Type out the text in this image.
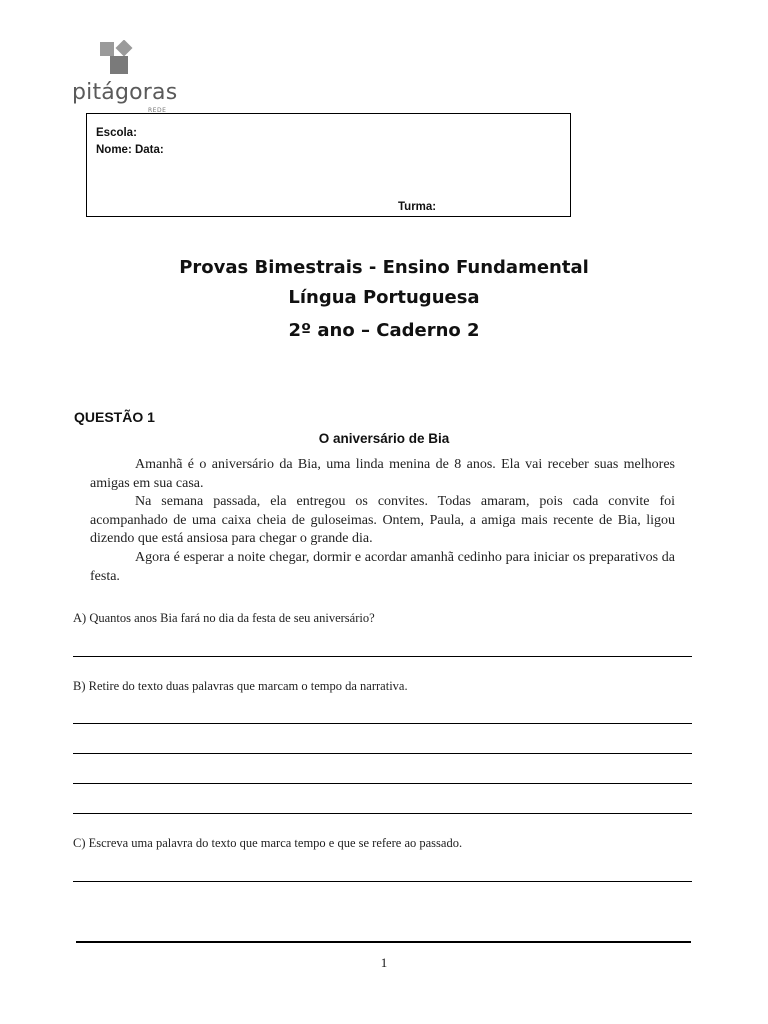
pitágoras
REDE
Escola:
Nome: Data:
Turma:
Provas Bimestrais - Ensino Fundamental
Língua Portuguesa
2º ano – Caderno 2
QUESTÃO 1
O aniversário de Bia

Amanhã é o aniversário da Bia, uma linda menina de 8 anos. Ela vai receber suas melhores amigas em sua casa.

Na semana passada, ela entregou os convites. Todas amaram, pois cada convite foi acompanhado de uma caixa cheia de guloseimas. Ontem, Paula, a amiga mais recente de Bia, ligou dizendo que está ansiosa para chegar o grande dia.

Agora é esperar a noite chegar, dormir e acordar amanhã cedinho para iniciar os preparativos da festa.

A) Quantos anos Bia fará no dia da festa de seu aniversário?
B) Retire do texto duas palavras que marcam o tempo da narrativa.
C) Escreva uma palavra do texto que marca tempo e que se refere ao passado.
1
